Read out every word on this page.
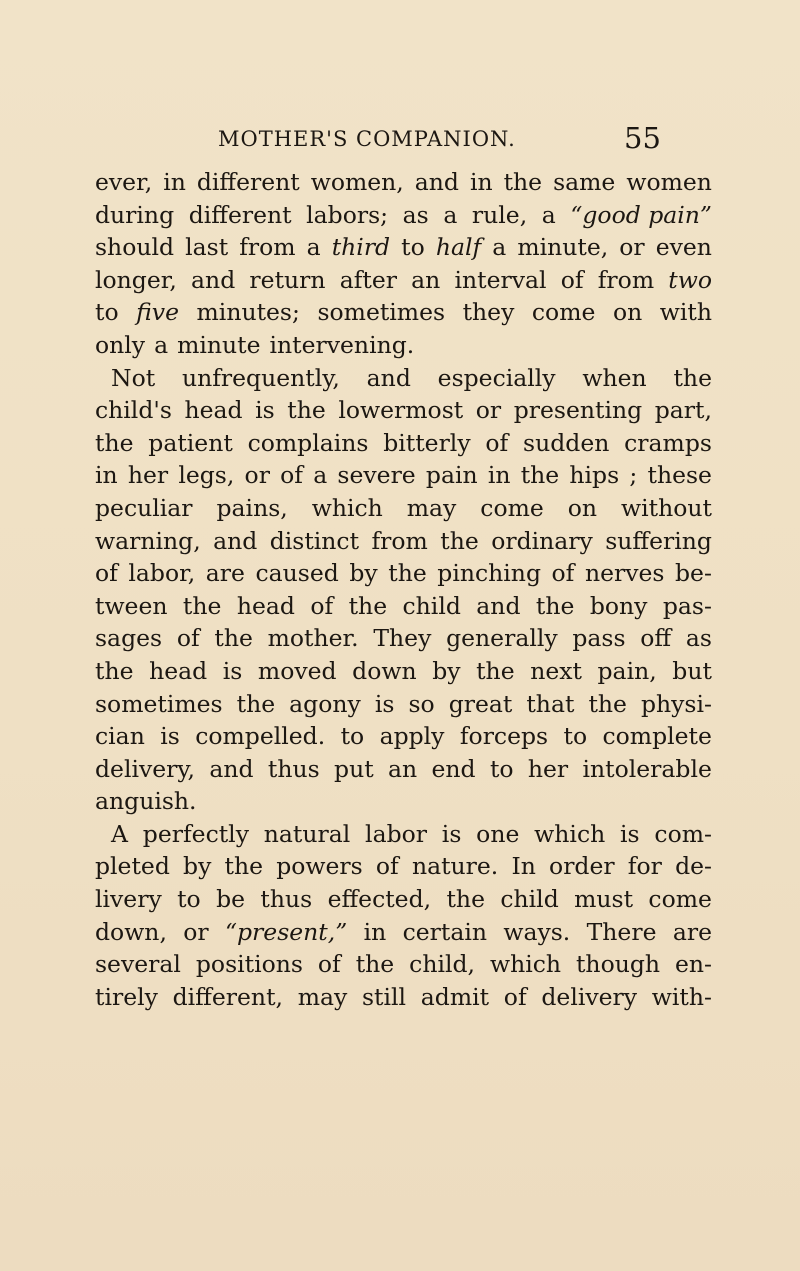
MOTHER'S COMPANION.	55
ever, in different women, and in the same women
during different labors; as a rule, a “good pain”
should last from a third to half a minute, or even
longer, and return after an interval of from two
to five minutes; sometimes they come on with
only a minute intervening.
Not unfrequently, and especially when the
child's head is the lowermost or presenting part,
the patient complains bitterly of sudden cramps
in her legs, or of a severe pain in the hips ; these
peculiar pains, which may come on without
warning, and distinct from the ordinary suffering
of labor, are caused by the pinching of nerves be-
tween the head of the child and the bony pas-
sages of the mother. They generally pass off as
the head is moved down by the next pain, but
sometimes the agony is so great that the physi-
cian is compelled. to apply forceps to complete
delivery, and thus put an end to her intolerable
anguish.
A perfectly natural labor is one which is com-
pleted by the powers of nature. In order for de-
livery to be thus effected, the child must come
down, or “present,” in certain ways. There are
several positions of the child, which though en-
tirely different, may still admit of delivery with-
